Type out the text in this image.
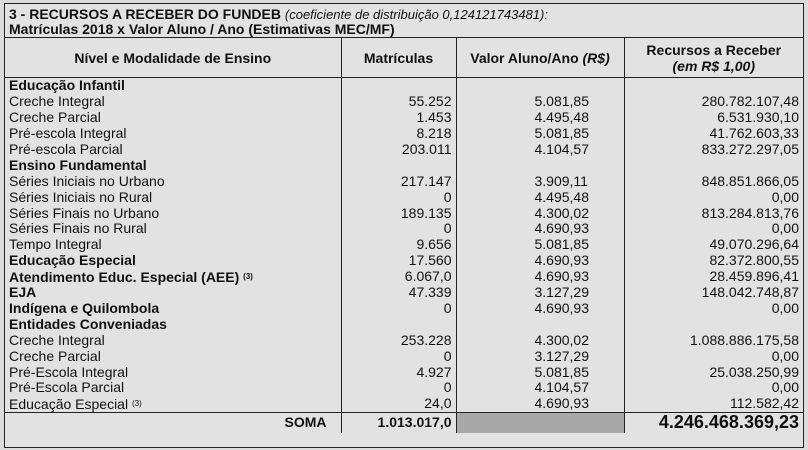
3 - RECURSOS A RECEBER DO FUNDEB (coeficiente de distribuição 0,124121743481):
Matrículas 2018 x Valor Aluno / Ano (Estimativas MEC/MF)
Nível e Modalidade de Ensino	Matrículas	Valor Aluno/Ano (R$)	Recursos a Receber
(em R$ 1,00)
Educação Infantil			
Creche Integral	55.252	5.081,85	280.782.107,48
Creche Parcial	1.453	4.495,48	6.531.930,10
Pré-escola Integral	8.218	5.081,85	41.762.603,33
Pré-escola Parcial	203.011	4.104,57	833.272.297,05
Ensino Fundamental			
Séries Iniciais no Urbano	217.147	3.909,11	848.851.866,05
Séries Iniciais no Rural	0	4.495,48	0,00
Séries Finais no Urbano	189.135	4.300,02	813.284.813,76
Séries Finais no Rural	0	4.690,93	0,00
Tempo Integral	9.656	5.081,85	49.070.296,64
Educação Especial	17.560	4.690,93	82.372.800,55
Atendimento Educ. Especial (AEE) $^{(3)}$	6.067,0	4.690,93	28.459.896,41
EJA	47.339	3.127,29	148.042.748,87
Indígena e Quilombola	0	4.690,93	0,00
Entidades Conveniadas			
Creche Integral	253.228	4.300,02	1.088.886.175,58
Creche Parcial	0	3.127,29	0,00
Pré-Escola Integral	4.927	5.081,85	25.038.250,99
Pré-Escola Parcial	0	4.104,57	0,00
Educação Especial $^{(3)}$	24,0	4.690,93	112.582,42
SOMA	1.013.017,0		4.246.468.369,23
